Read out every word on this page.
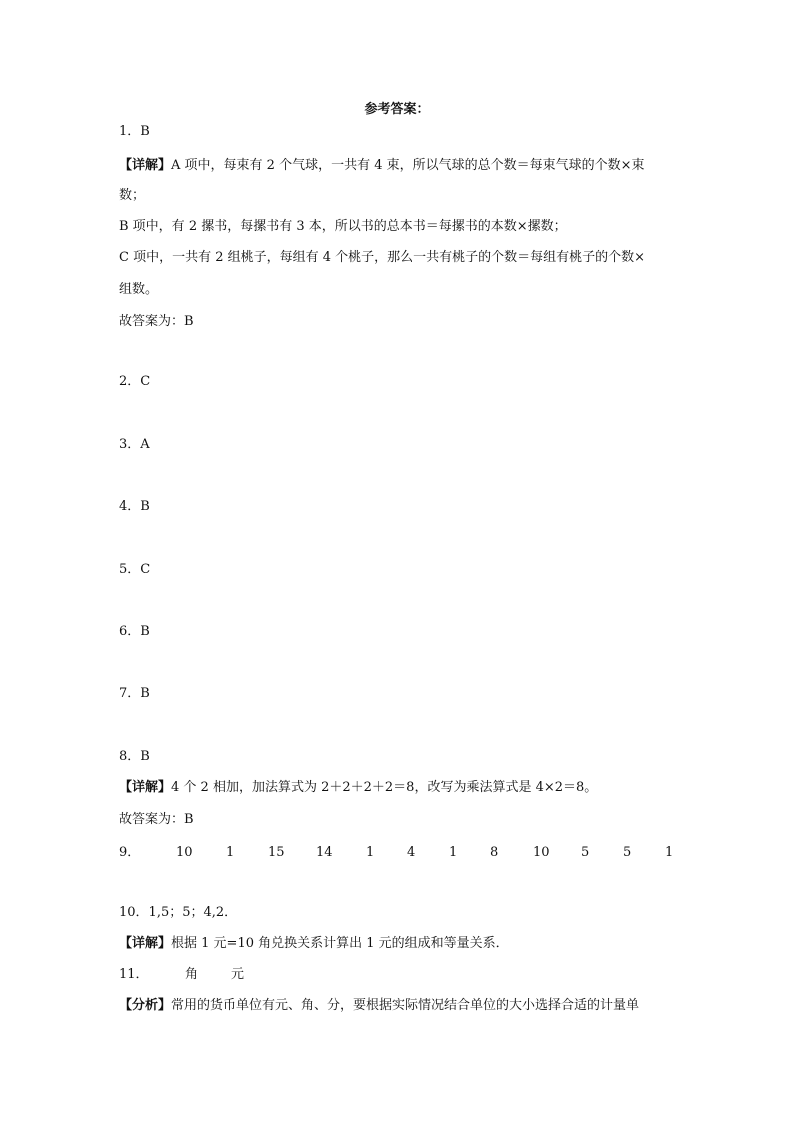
参考答案：
1．B
【详解】A 项中，每束有 2 个气球，一共有 4 束，所以气球的总个数＝每束气球的个数×束
数；
B 项中，有 2 摞书，每摞书有 3 本，所以书的总本书＝每摞书的本数×摞数；
C 项中，一共有 2 组桃子，每组有 4 个桃子，那么一共有桃子的个数＝每组有桃子的个数×
组数。
故答案为：B
2．C
3．A
4．B
5．C
6．B
7．B
8．B
【详解】4 个 2 相加，加法算式为 2＋2＋2＋2＝8，改写为乘法算式是 4×2＝8。
故答案为：B
9．	10	1	15 14	1	4	1	8	10 5	5	1
10．1,5；5；4,2．
【详解】根据 1 元=10 角兑换关系计算出 1 元的组成和等量关系．
11．	角	元
【分析】常用的货币单位有元、角、分，要根据实际情况结合单位的大小选择合适的计量单
